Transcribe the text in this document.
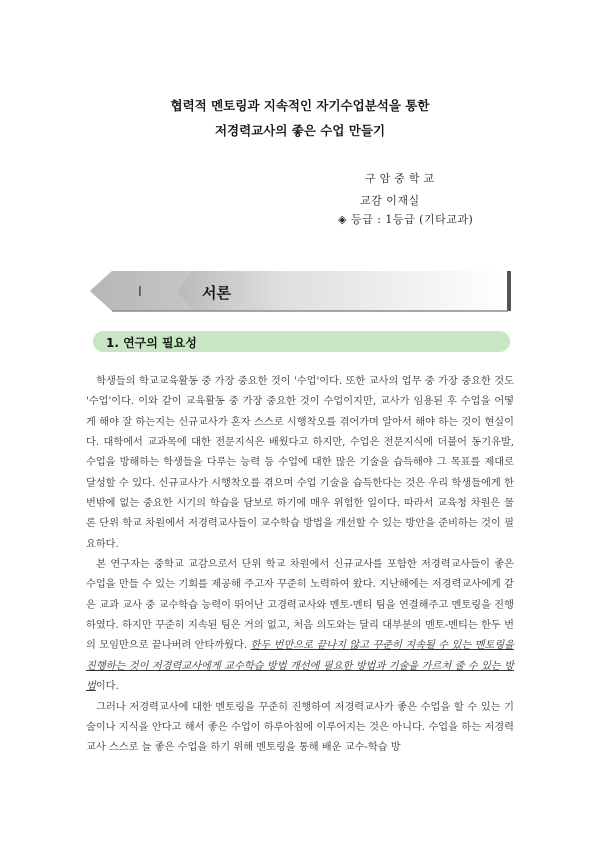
협력적 멘토링과 지속적인 자기수업분석을 통한
저경력교사의 좋은 수업 만들기
구암중학교
교감 이재실
◈ 등급 : 1등급 (기타교과)
I	서론
1. 연구의 필요성

학생들의 학교교육활동 중 가장 중요한 것이 '수업'이다. 또한 교사의 업무 중 가장 중요한 것도 '수업'이다. 이와 같이 교육활동 중 가장 중요한 것이 수업이지만, 교사가 임용된 후 수업을 어떻게 해야 잘 하는지는 신규교사가 혼자 스스로 시행착오를 겪어가며 알아서 해야 하는 것이 현실이다. 대학에서 교과목에 대한 전문지식은 배웠다고 하지만, 수업은 전문지식에 더불어 동기유발, 수업을 방해하는 학생들을 다루는 능력 등 수업에 대한 많은 기술을 습득해야 그 목표를 제대로 달성할 수 있다. 신규교사가 시행착오를 겪으며 수업 기술을 습득한다는 것은 우리 학생들에게 한번밖에 없는 중요한 시기의 학습을 담보로 하기에 매우 위험한 일이다. 따라서 교육청 차원은 물론 단위 학교 차원에서 저경력교사들이 교수학습 방법을 개선할 수 있는 방안을 준비하는 것이 필요하다.

본 연구자는 중학교 교감으로서 단위 학교 차원에서 신규교사를 포함한 저경력교사들이 좋은 수업을 만들 수 있는 기회를 제공해 주고자 꾸준히 노력하여 왔다. 지난해에는 저경력교사에게 같은 교과 교사 중 교수학습 능력이 뛰어난 고경력교사와 멘토-멘티 팀을 연결해주고 멘토링을 진행하였다. 하지만 꾸준히 지속된 팀은 거의 없고, 처음 의도와는 달리 대부분의 멘토-멘티는 한두 번의 모임만으로 끝나버려 안타까웠다. 한두 번만으로 끝나지 않고 꾸준히 지속될 수 있는 멘토링을 진행하는 것이 저경력교사에게 교수학습 방법 개선에 필요한 방법과 기술을 가르쳐 줄 수 있는 방법이다.

그러나 저경력교사에 대한 멘토링을 꾸준히 진행하여 저경력교사가 좋은 수업을 할 수 있는 기술이나 지식을 안다고 해서 좋은 수업이 하루아침에 이루어지는 것은 아니다. 수업을 하는 저경력교사 스스로 늘 좋은 수업을 하기 위해 멘토링을 통해 배운 교수-학습 방
